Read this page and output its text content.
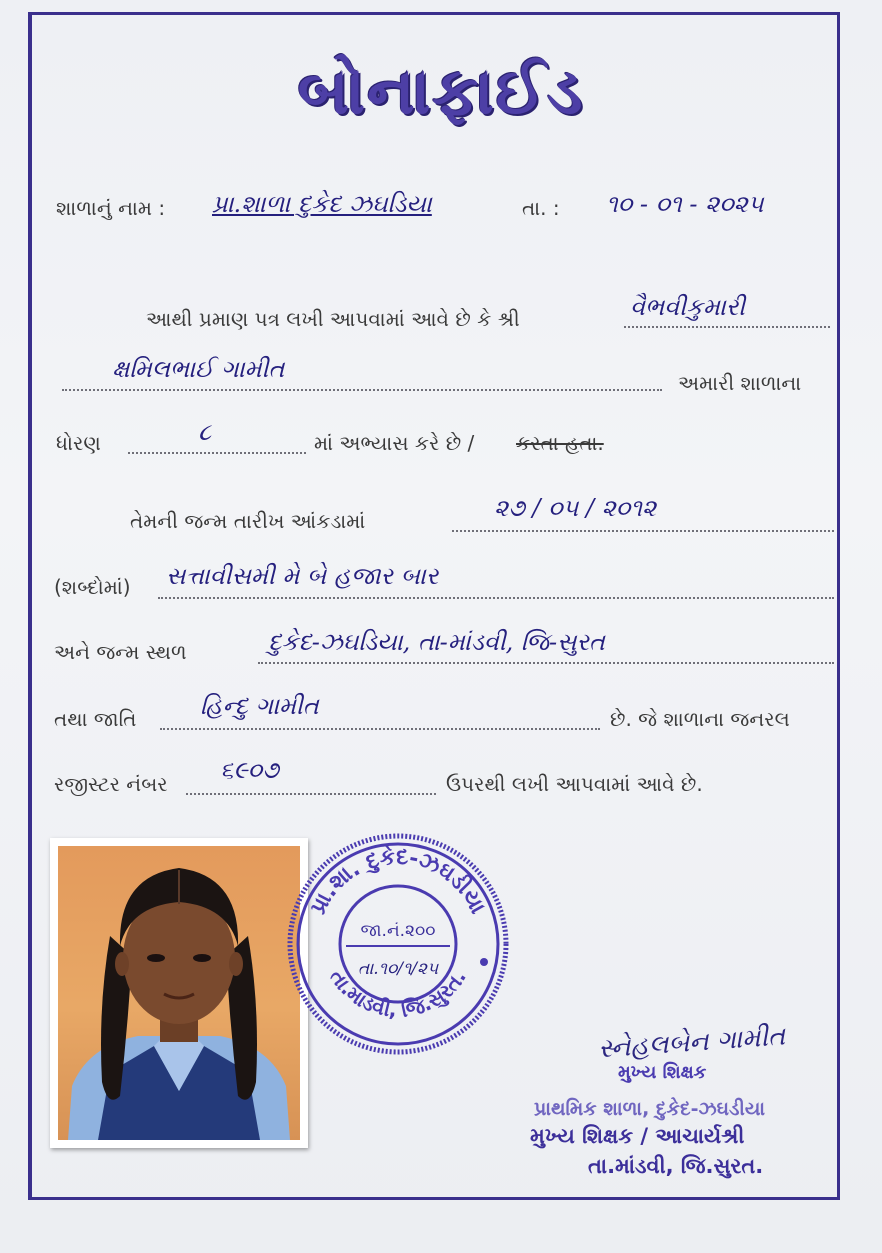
બોનાફાઈડ
શાળાનું નામ : પ્રા.શાળા દુકેદ ઝઘડિયા	તા. : ૧૦ - ૦૧ - ૨૦૨૫
આથી પ્રમાણ પત્ર લખી આપવામાં આવે છે કે શ્રી	વૈભવીકુમારી
ક્ષમિલભાઈ ગામીત	અમારી શાળાના
ધોરણ	૮	માં અભ્યાસ કરે છે / કરતા હતા.
તેમની જન્મ તારીખ આંકડામાં	૨૭ / ૦૫ / ૨૦૧૨
(શબ્દોમાં) સત્તાવીસમી મે બે હજાર બાર
અને જન્મ સ્થળ	દુકેદ-ઝઘડિયા, તા-માંડવી, જિ-સુરત
તથા જાતિ	હિન્દુ ગામીત	છે. જે શાળાના જનરલ
રજીસ્ટર નંબર ૬૯૦૭	ઉપરથી લખી આપવામાં આવે છે.
પ્રા.શા. દુકેદ-ઝઘડીયા
તા.માંડવી, જિ.સુરત.
જા.નં.૨૦૦
તા.૧૦/૧/૨૫
સ્નેહલબેન ગામીત
મુખ્ય શિક્ષક
પ્રાથમિક શાળા, દુકેદ-ઝઘડીયા
મુખ્ય શિક્ષક / આચાર્યશ્રી
તા.માંડવી, જિ.સુરત.
